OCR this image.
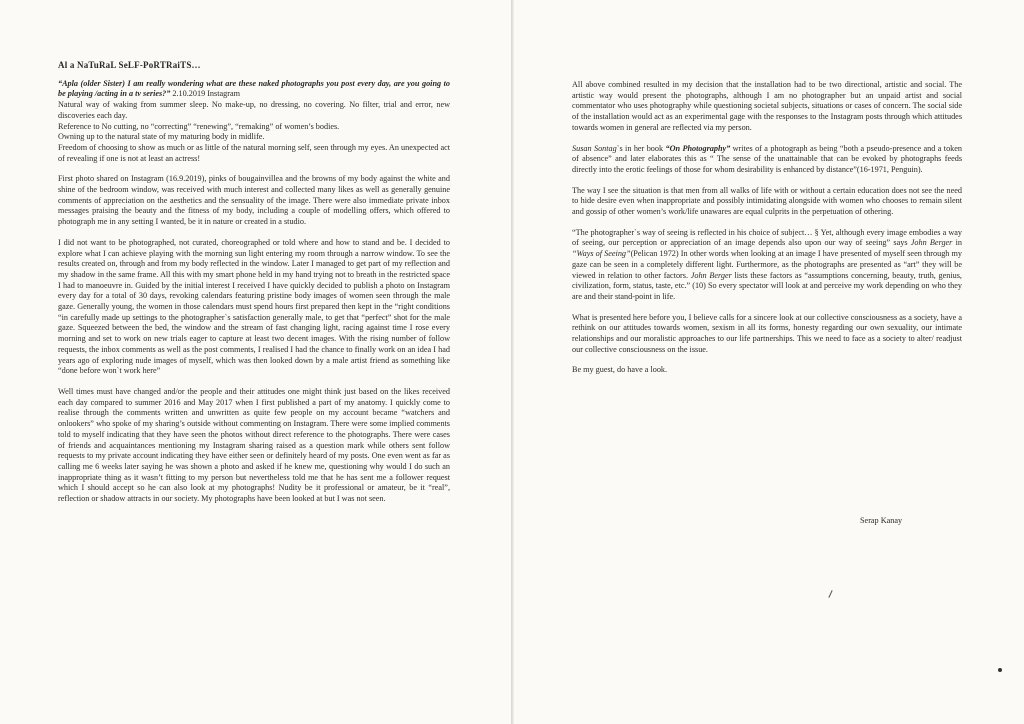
Al a NaTuRaL SeLF-PoRTRaiTS…

“Apla (older Sister) I am really wondering what are these naked photographs you post every day, are you going to be playing /acting in a tv series?” 2.10.2019 Instagram
Natural way of waking from summer sleep. No make-up, no dressing, no covering. No filter, trial and error, new discoveries each day.
Reference to No cutting, no “correcting” “renewing”, “remaking” of women’s bodies.
Owning up to the natural state of my maturing body in midlife.
Freedom of choosing to show as much or as little of the natural morning self, seen through my eyes. An unexpected act of revealing if one is not at least an actress!

First photo shared on Instagram (16.9.2019), pinks of bougainvillea and the browns of my body against the white and shine of the bedroom window, was received with much interest and collected many likes as well as generally genuine comments of appreciation on the aesthetics and the sensuality of the image. There were also immediate private inbox messages praising the beauty and the fitness of my body, including a couple of modelling offers, which offered to photograph me in any setting I wanted, be it in nature or created in a studio.

I did not want to be photographed, not curated, choreographed or told where and how to stand and be. I decided to explore what I can achieve playing with the morning sun light entering my room through a narrow window. To see the results created on, through and from my body reflected in the window. Later I managed to get part of my reflection and my shadow in the same frame. All this with my smart phone held in my hand trying not to breath in the restricted space I had to manoeuvre in. Guided by the initial interest I received I have quickly decided to publish a photo on Instagram every day for a total of 30 days, revoking calendars featuring pristine body images of women seen through the male gaze. Generally young, the women in those calendars must spend hours first prepared then kept in the “right conditions “in carefully made up settings to the photographer`s satisfaction generally male, to get that “perfect” shot for the male gaze. Squeezed between the bed, the window and the stream of fast changing light, racing against time I rose every morning and set to work on new trials eager to capture at least two decent images. With the rising number of follow requests, the inbox comments as well as the post comments, I realised I had the chance to finally work on an idea I had years ago of exploring nude images of myself, which was then looked down by a male artist friend as something like “done before won`t work here”

Well times must have changed and/or the people and their attitudes one might think just based on the likes received each day compared to summer 2016 and May 2017 when I first published a part of my anatomy. I quickly come to realise through the comments written and unwritten as quite few people on my account became “watchers and onlookers” who spoke of my sharing’s outside without commenting on Instagram. There were some implied comments told to myself indicating that they have seen the photos without direct reference to the photographs. There were cases of friends and acquaintances mentioning my Instagram sharing raised as a question mark while others sent follow requests to my private account indicating they have either seen or definitely heard of my posts. One even went as far as calling me 6 weeks later saying he was shown a photo and asked if he knew me, questioning why would I do such an inappropriate thing as it wasn’t fitting to my person but nevertheless told me that he has sent me a follower request which I should accept so he can also look at my photographs! Nudity be it professional or amateur, be it “real”, reflection or shadow attracts in our society. My photographs have been looked at but I was not seen.

All above combined resulted in my decision that the installation had to be two directional, artistic and social. The artistic way would present the photographs, although I am no photographer but an unpaid artist and social commentator who uses photography while questioning societal subjects, situations or cases of concern. The social side of the installation would act as an experimental gage with the responses to the Instagram posts through which attitudes towards women in general are reflected via my person.

Susan Sontag`s in her book “On Photography” writes of a photograph as being “both a pseudo-presence and a token of absence” and later elaborates this as “ The sense of the unattainable that can be evoked by photographs feeds directly into the erotic feelings of those for whom desirability is enhanced by distance”(16-1971, Penguin).

The way I see the situation is that men from all walks of life with or without a certain education does not see the need to hide desire even when inappropriate and possibly intimidating alongside with women who chooses to remain silent and gossip of other women’s work/life unawares are equal culprits in the perpetuation of othering.

“The photographer`s way of seeing is reflected in his choice of subject… § Yet, although every image embodies a way of seeing, our perception or appreciation of an image depends also upon our way of seeing” says John Berger in “Ways of Seeing”(Pelican 1972) In other words when looking at an image I have presented of myself seen through my gaze can be seen in a completely different light. Furthermore, as the photographs are presented as “art” they will be viewed in relation to other factors. John Berger lists these factors as “assumptions concerning, beauty, truth, genius, civilization, form, status, taste, etc.” (10) So every spectator will look at and perceive my work depending on who they are and their stand-point in life.

What is presented here before you, I believe calls for a sincere look at our collective consciousness as a society, have a rethink on our attitudes towards women, sexism in all its forms, honesty regarding our own sexuality, our intimate relationships and our moralistic approaches to our life partnerships. This we need to face as a society to alter/ readjust our collective consciousness on the issue.

Be my guest, do have a look.

Serap Kanay
